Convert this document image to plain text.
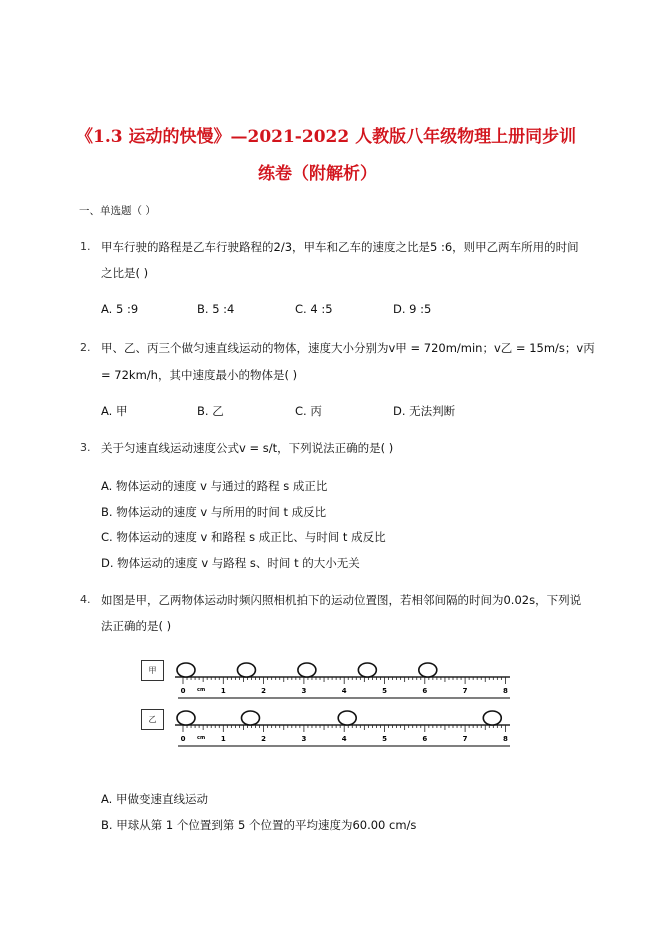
《1.3 运动的快慢》—2021-2022 人教版八年级物理上册同步训
练卷（附解析）
一、单选题（ ）
1. 甲车行驶的路程是乙车行驶路程的2/3，甲车和乙车的速度之比是5 :6，则甲乙两车所用的时间
之比是( )
A. 5 :9	B. 5 :4	C. 4 :5	D. 9 :5
2. 甲、乙、丙三个做匀速直线运动的物体，速度大小分别为v甲 = 720m/min；v乙 = 15m/s；v丙
= 72km/h，其中速度最小的物体是( )
A. 甲	B. 乙	C. 丙	D. 无法判断
3. 关于匀速直线运动速度公式v = s/t，下列说法正确的是( )
A. 物体运动的速度 v 与通过的路程 s 成正比
B. 物体运动的速度 v 与所用的时间 t 成反比
C. 物体运动的速度 v 和路程 s 成正比、与时间 t 成反比
D. 物体运动的速度 v 与路程 s、时间 t 的大小无关
4. 如图是甲，乙两物体运动时频闪照相机拍下的运动位置图，若相邻间隔的时间为0.02s，下列说
法正确的是( )
甲
乙
0	1	2	3	4	5	6	7	8
cm
0	1	2	3	4	5	6	7	8
cm
A. 甲做变速直线运动
B. 甲球从第 1 个位置到第 5 个位置的平均速度为60.00 cm/s
